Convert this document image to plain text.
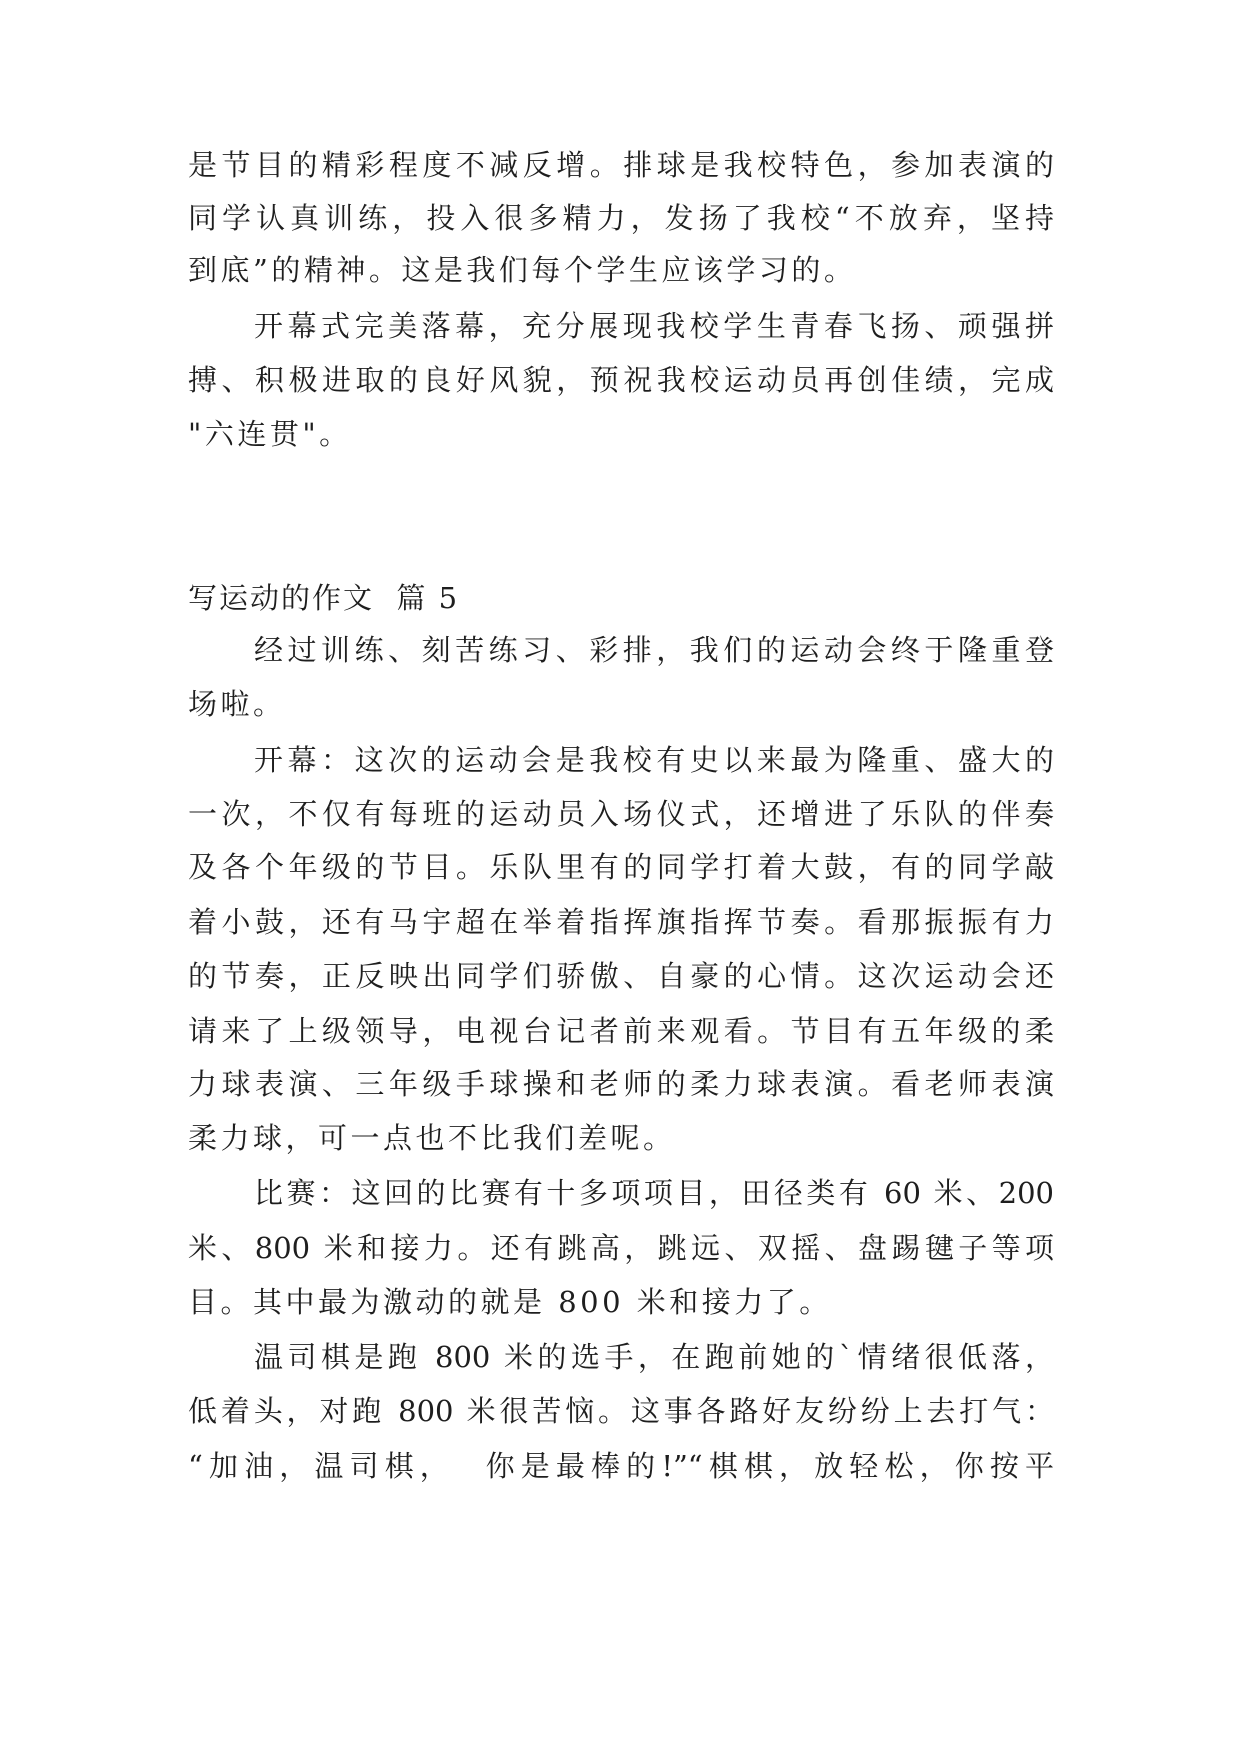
是节目的精彩程度不减反增。排球是我校特色，参加表演的
同学认真训练，投入很多精力，发扬了我校“不放弃，坚持
到底”的精神。这是我们每个学生应该学习的。
开幕式完美落幕，充分展现我校学生青春飞扬、顽强拼
搏、积极进取的良好风貌，预祝我校运动员再创佳绩，完成
"六连贯"。
写运动的作文  篇 5
经过训练、刻苦练习、彩排，我们的运动会终于隆重登
场啦。
开幕：这次的运动会是我校有史以来最为隆重、盛大的
一次，不仅有每班的运动员入场仪式，还增进了乐队的伴奏
及各个年级的节目。乐队里有的同学打着大鼓，有的同学敲
着小鼓，还有马宇超在举着指挥旗指挥节奏。看那振振有力
的节奏，正反映出同学们骄傲、自豪的心情。这次运动会还
请来了上级领导，电视台记者前来观看。节目有五年级的柔
力球表演、三年级手球操和老师的柔力球表演。看老师表演
柔力球，可一点也不比我们差呢。
比赛：这回的比赛有十多项项目，田径类有 60 米、200
米、800 米和接力。还有跳高，跳远、双摇、盘踢毽子等项
目。其中最为激动的就是 800 米和接力了。
温司棋是跑 800 米的选手，在跑前她的`情绪很低落，
低着头，对跑 800 米很苦恼。这事各路好友纷纷上去打气：
“加油，温司棋，  你是最棒的!”“棋棋，放轻松，你按平
